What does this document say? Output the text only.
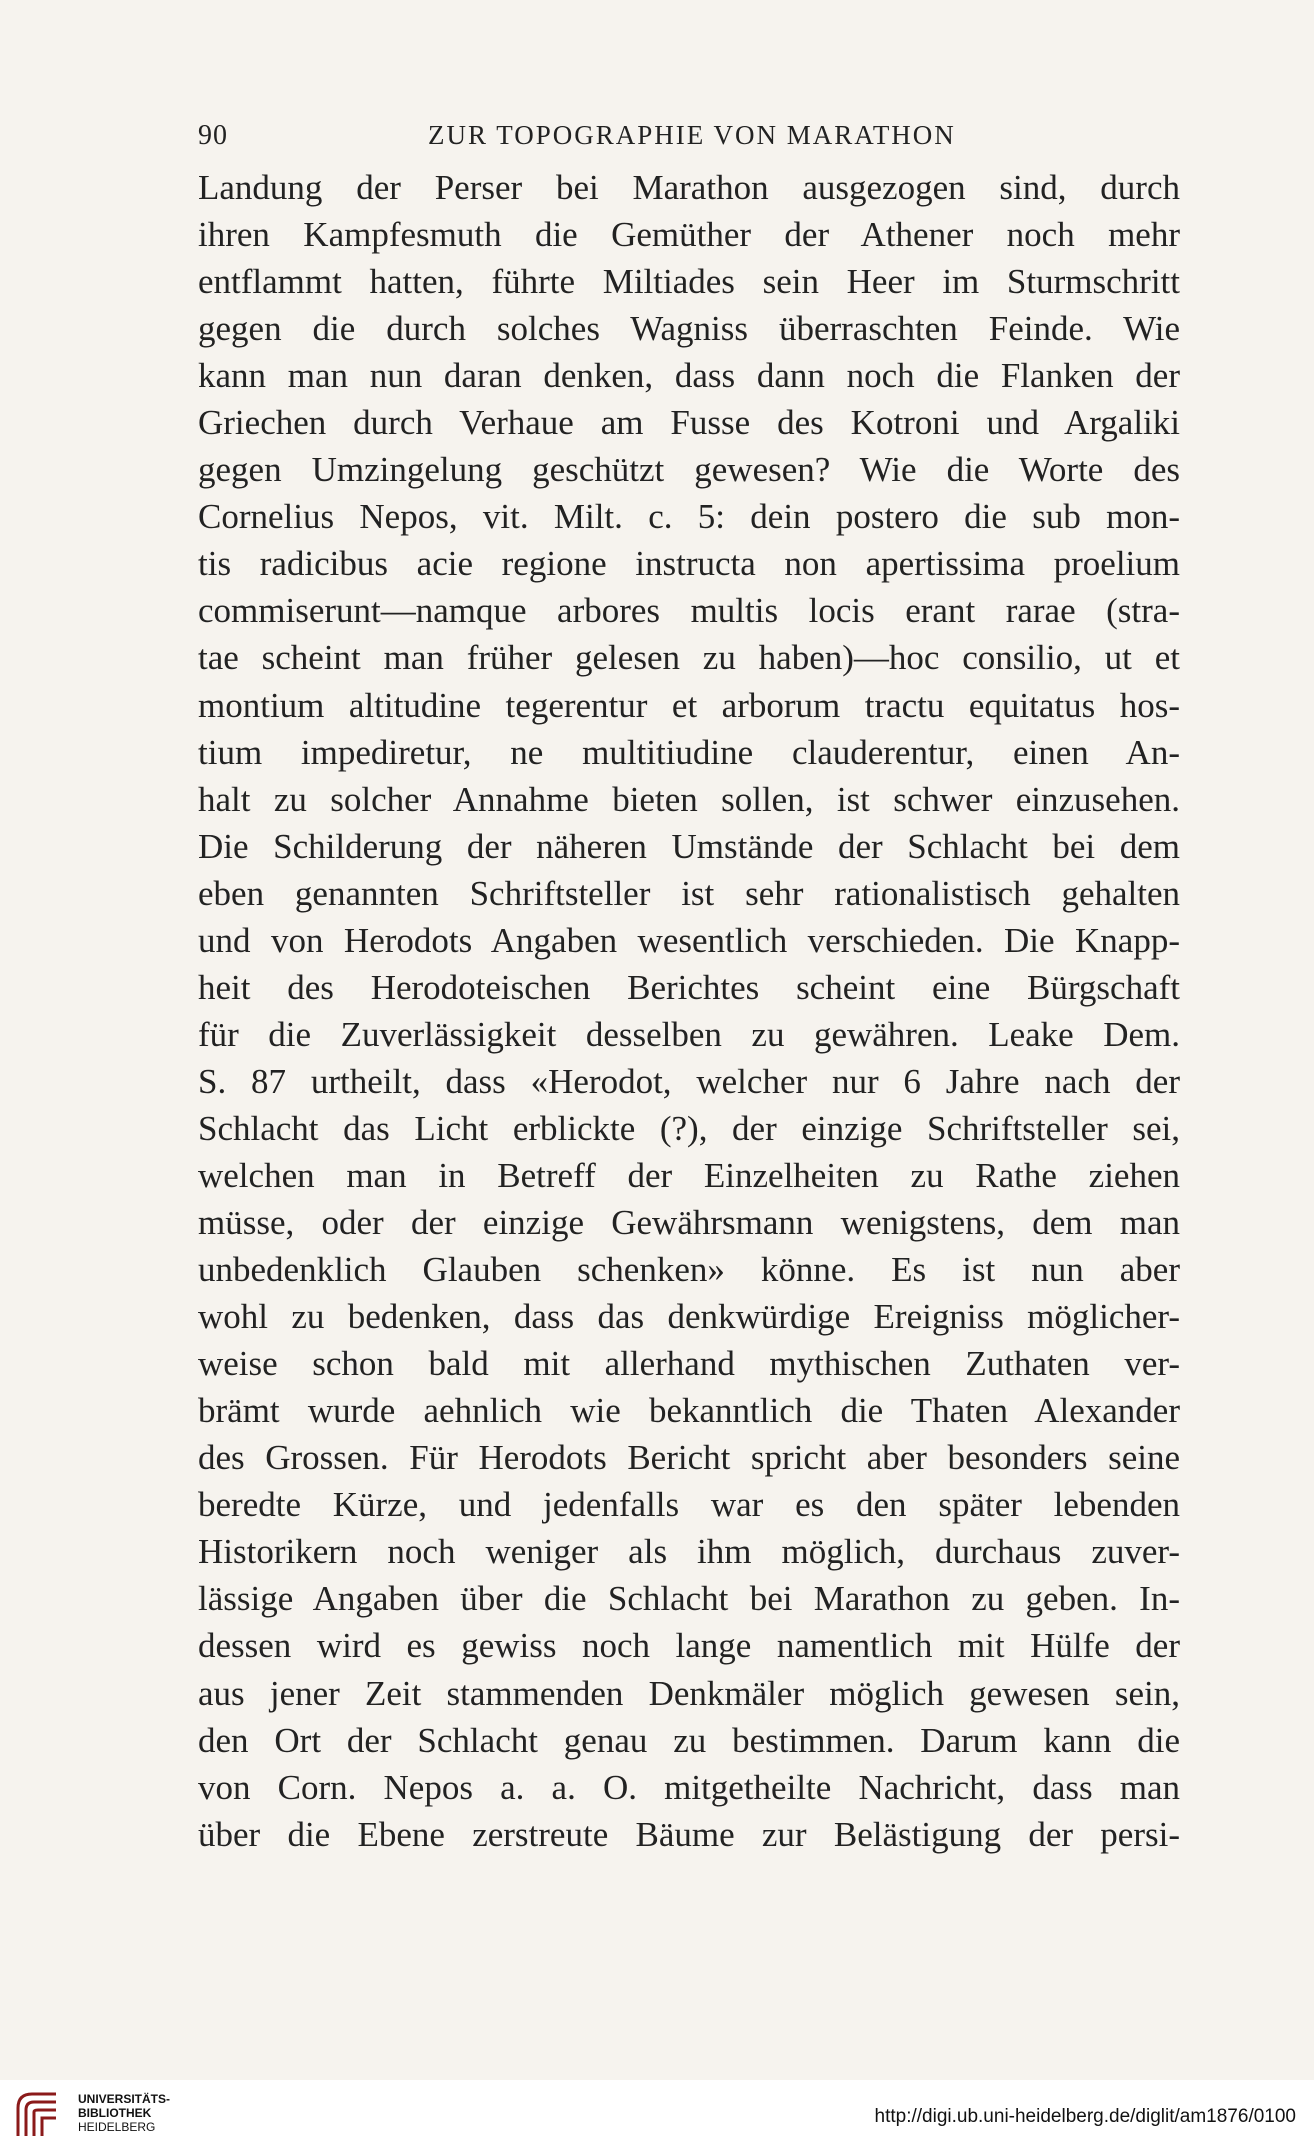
90	ZUR TOPOGRAPHIE VON MARATHON
Landung der Perser bei Marathon ausgezogen sind, durch
ihren Kampfesmuth die Gemüther der Athener noch mehr
entflammt hatten, führte Miltiades sein Heer im Sturmschritt
gegen die durch solches Wagniss überraschten Feinde. Wie
kann man nun daran denken, dass dann noch die Flanken der
Griechen durch Verhaue am Fusse des Kotroni und Argaliki
gegen Umzingelung geschützt gewesen? Wie die Worte des
Cornelius Nepos, vit. Milt. c. 5: dein postero die sub mon-
tis radicibus acie regione instructa non apertissima proelium
commiserunt—namque arbores multis locis erant rarae (stra-
tae scheint man früher gelesen zu haben)—hoc consilio, ut et
montium altitudine tegerentur et arborum tractu equitatus hos-
tium impediretur, ne multitiudine clauderentur, einen An-
halt zu solcher Annahme bieten sollen, ist schwer einzusehen.
Die Schilderung der näheren Umstände der Schlacht bei dem
eben genannten Schriftsteller ist sehr rationalistisch gehalten
und von Herodots Angaben wesentlich verschieden. Die Knapp-
heit des Herodoteischen Berichtes scheint eine Bürgschaft
für die Zuverlässigkeit desselben zu gewähren. Leake Dem.
S. 87 urtheilt, dass «Herodot, welcher nur 6 Jahre nach der
Schlacht das Licht erblickte (?), der einzige Schriftsteller sei,
welchen man in Betreff der Einzelheiten zu Rathe ziehen
müsse, oder der einzige Gewährsmann wenigstens, dem man
unbedenklich Glauben schenken» könne. Es ist nun aber
wohl zu bedenken, dass das denkwürdige Ereigniss möglicher-
weise schon bald mit allerhand mythischen Zuthaten ver-
brämt wurde aehnlich wie bekanntlich die Thaten Alexander
des Grossen. Für Herodots Bericht spricht aber besonders seine
beredte Kürze, und jedenfalls war es den später lebenden
Historikern noch weniger als ihm möglich, durchaus zuver-
lässige Angaben über die Schlacht bei Marathon zu geben. In-
dessen wird es gewiss noch lange namentlich mit Hülfe der
aus jener Zeit stammenden Denkmäler möglich gewesen sein,
den Ort der Schlacht genau zu bestimmen. Darum kann die
von Corn. Nepos a. a. O. mitgetheilte Nachricht, dass man
über die Ebene zerstreute Bäume zur Belästigung der persi-
UNIVERSITÄTS-
BIBLIOTHEK
HEIDELBERG	http://digi.ub.uni-heidelberg.de/diglit/am1876/0100
